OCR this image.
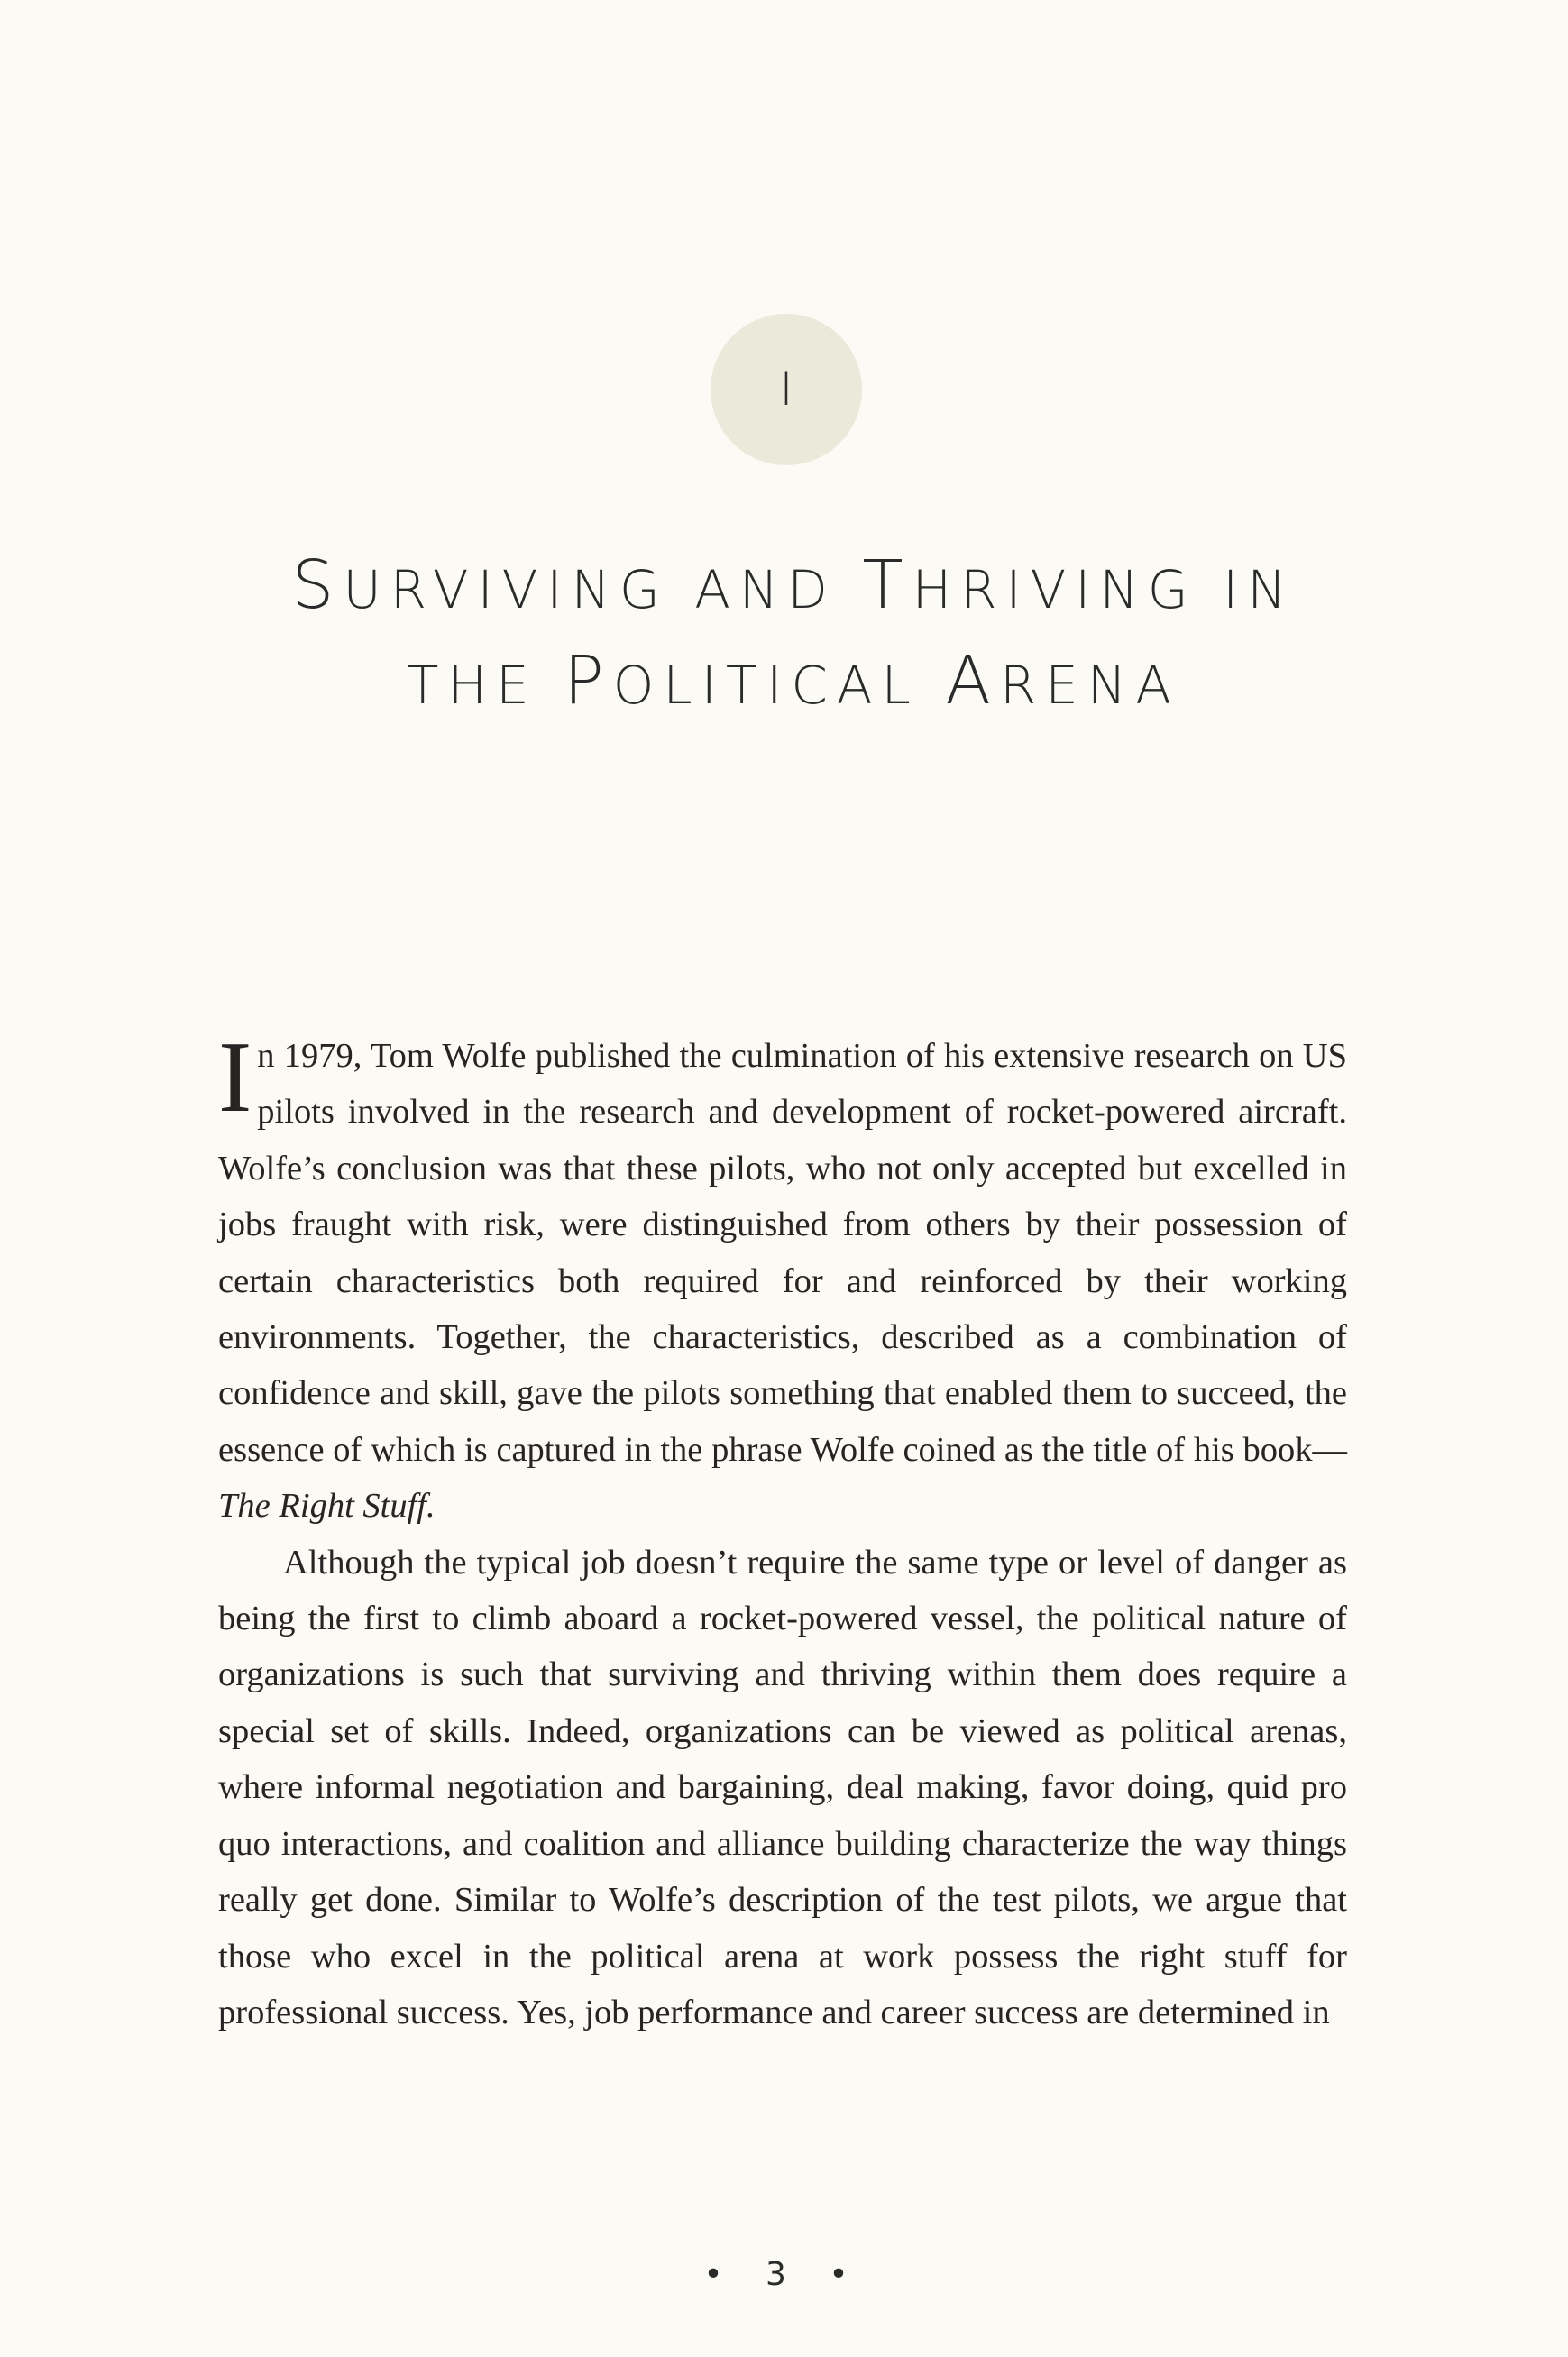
I
SURVIVING AND THRIVING IN
THE POLITICAL ARENA

In 1979, Tom Wolfe published the culmination of his extensive research on US pilots involved in the research and development of rocket-powered aircraft. Wolfe’s conclusion was that these pilots, who not only accepted but excelled in jobs fraught with risk, were distinguished from others by their possession of certain characteristics both required for and reinforced by their working environments. Together, the characteristics, described as a combination of confidence and skill, gave the pilots something that enabled them to succeed, the essence of which is captured in the phrase Wolfe coined as the title of his book—The Right Stuff.

Although the typical job doesn’t require the same type or level of danger as being the first to climb aboard a rocket-powered vessel, the political nature of organizations is such that surviving and thriving within them does require a special set of skills. Indeed, organizations can be viewed as political arenas, where informal negotiation and bargaining, deal making, favor doing, quid pro quo interactions, and coalition and alliance building characterize the way things really get done. Similar to Wolfe’s description of the test pilots, we argue that those who excel in the political arena at work possess the right stuff for professional success. Yes, job performance and career success are determined in

• 3 •
